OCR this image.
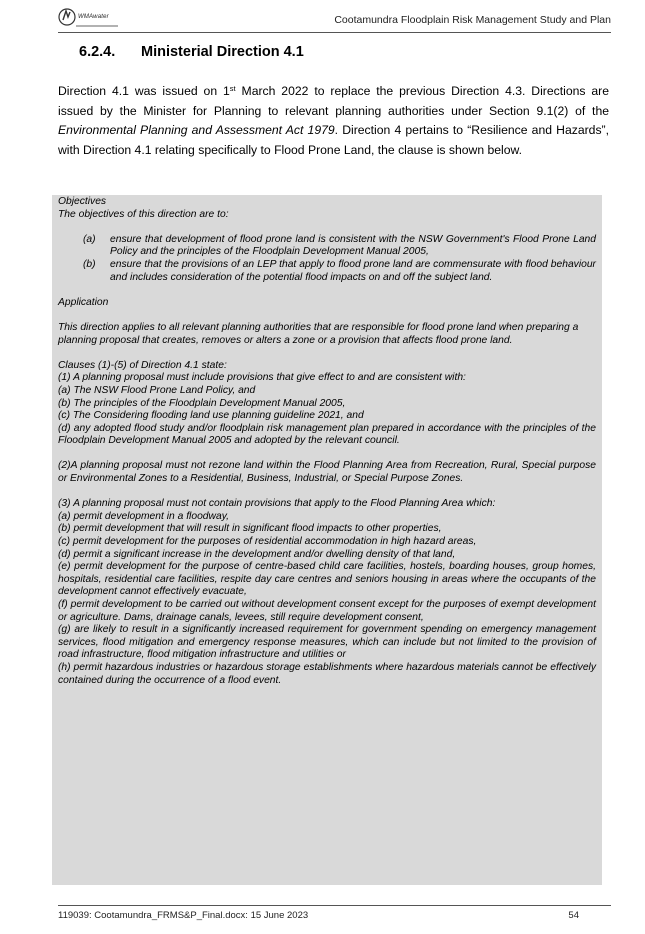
WMAwater	Cootamundra Floodplain Risk Management Study and Plan
6.2.4. Ministerial Direction 4.1
Direction 4.1 was issued on 1st March 2022 to replace the previous Direction 4.3. Directions are issued by the Minister for Planning to relevant planning authorities under Section 9.1(2) of the Environmental Planning and Assessment Act 1979. Direction 4 pertains to “Resilience and Hazards”, with Direction 4.1 relating specifically to Flood Prone Land, the clause is shown below.

Objectives

The objectives of this direction are to:

(a)	ensure that development of flood prone land is consistent with the NSW Government's Flood Prone Land Policy and the principles of the Floodplain Development Manual 2005,
(b)	ensure that the provisions of an LEP that apply to flood prone land are commensurate with flood behaviour and includes consideration of the potential flood impacts on and off the subject land.

Application

This direction applies to all relevant planning authorities that are responsible for flood prone land when preparing a planning proposal that creates, removes or alters a zone or a provision that affects flood prone land.

Clauses (1)-(5) of Direction 4.1 state:

(1) A planning proposal must include provisions that give effect to and are consistent with:

(a) The NSW Flood Prone Land Policy, and

(b) The principles of the Floodplain Development Manual 2005,

(c) The Considering flooding land use planning guideline 2021, and

(d) any adopted flood study and/or floodplain risk management plan prepared in accordance with the principles of the Floodplain Development Manual 2005 and adopted by the relevant council.

(2)A planning proposal must not rezone land within the Flood Planning Area from Recreation, Rural, Special purpose or Environmental Zones to a Residential, Business, Industrial, or Special Purpose Zones.

(3) A planning proposal must not contain provisions that apply to the Flood Planning Area which:

(a) permit development in a floodway,

(b) permit development that will result in significant flood impacts to other properties,

(c) permit development for the purposes of residential accommodation in high hazard areas,

(d) permit a significant increase in the development and/or dwelling density of that land,

(e) permit development for the purpose of centre-based child care facilities, hostels, boarding houses, group homes, hospitals, residential care facilities, respite day care centres and seniors housing in areas where the occupants of the development cannot effectively evacuate,

(f) permit development to be carried out without development consent except for the purposes of exempt development or agriculture. Dams, drainage canals, levees, still require development consent,

(g) are likely to result in a significantly increased requirement for government spending on emergency management services, flood mitigation and emergency response measures, which can include but not limited to the provision of road infrastructure, flood mitigation infrastructure and utilities or

(h) permit hazardous industries or hazardous storage establishments where hazardous materials cannot be effectively contained during the occurrence of a flood event.

119039: Cootamundra_FRMS&P_Final.docx: 15 June 2023	54
